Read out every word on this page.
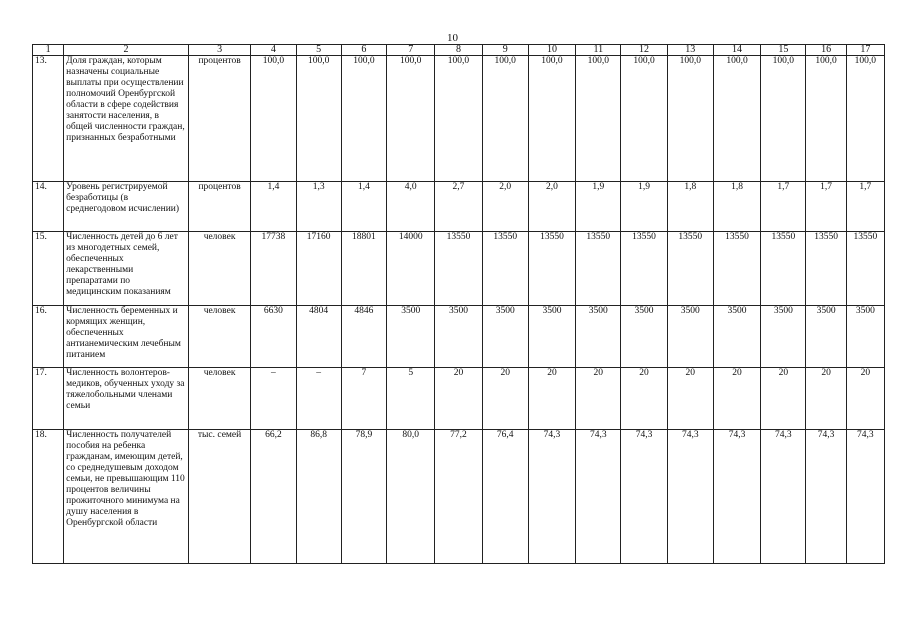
10
1	2	3	4	5	6	7	8	9	10	11	12	13	14	15	16	17
13.	Доля граждан, которым назначены социальные выплаты при осуществлении полномочий Оренбургской области в сфере содействия занятости населения, в общей численности граждан, признанных безработными	процентов	100,0	100,0	100,0	100,0	100,0	100,0	100,0	100,0	100,0	100,0	100,0	100,0	100,0	100,0
14.	Уровень регистрируемой безработицы (в среднегодовом исчислении)	процентов	1,4	1,3	1,4	4,0	2,7	2,0	2,0	1,9	1,9	1,8	1,8	1,7	1,7	1,7
15.	Численность детей до 6 лет из многодетных семей, обеспеченных лекарственными препаратами по медицинским показаниям	человек	17738	17160	18801	14000	13550	13550	13550	13550	13550	13550	13550	13550	13550	13550
16.	Численность беременных и кормящих женщин, обеспеченных антианемическим лечебным питанием	человек	6630	4804	4846	3500	3500	3500	3500	3500	3500	3500	3500	3500	3500	3500
17.	Численность волонтеров-медиков, обученных уходу за тяжелобольными членами семьи	человек	–	–	7	5	20	20	20	20	20	20	20	20	20	20
18.	Численность получателей пособия на ребенка гражданам, имеющим детей, со среднедушевым доходом семьи, не превышающим 110 процентов величины прожиточного минимума на душу населения в Оренбургской области	тыс. семей	66,2	86,8	78,9	80,0	77,2	76,4	74,3	74,3	74,3	74,3	74,3	74,3	74,3	74,3
